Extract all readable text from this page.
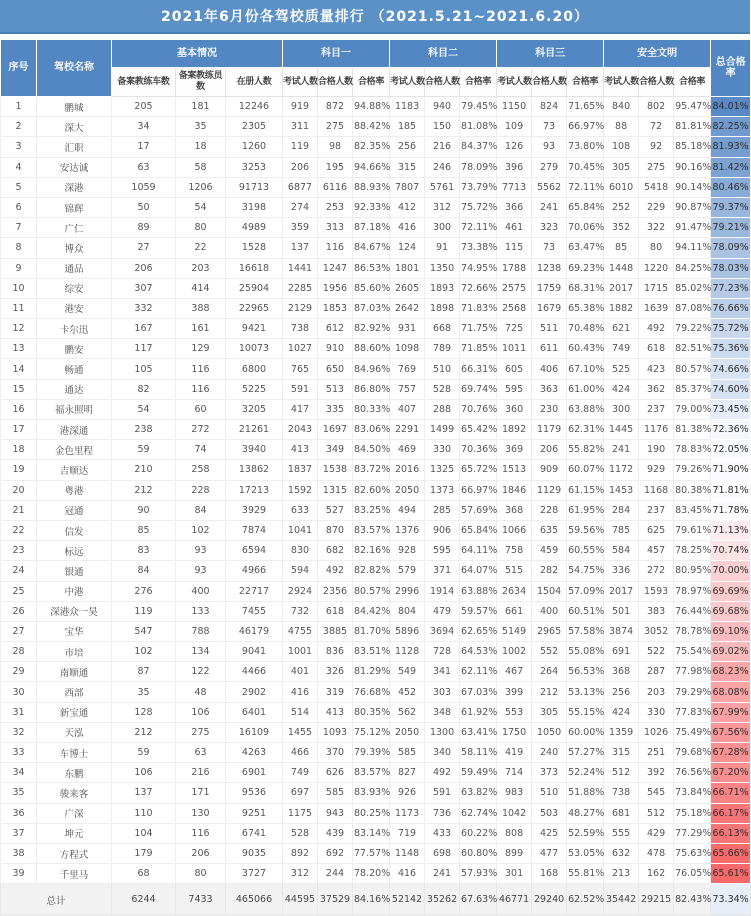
2021年6月份各驾校质量排行 （2021.5.21~2021.6.20）
序号	驾校名称	基本情况			科目一			科目二			科目三			安全文明			总合格率
		备案教练车数	备案教练员数	在册人数	考试人数	合格人数	合格率	考试人数	合格人数	合格率	考试人数	合格人数	合格率	考试人数	合格人数	合格率	
1	鹏城	205	181	12246	919	872	94.88%	1183	940	79.45%	1150	824	71.65%	840	802	95.47%	84.01%
2	深大	34	35	2305	311	275	88.42%	185	150	81.08%	109	73	66.97%	88	72	81.81%	82.25%
3	汇职	17	18	1260	119	98	82.35%	256	216	84.37%	126	93	73.80%	108	92	85.18%	81.93%
4	安达诚	63	58	3253	206	195	94.66%	315	246	78.09%	396	279	70.45%	305	275	90.16%	81.42%
5	深港	1059	1206	91713	6877	6116	88.93%	7807	5761	73.79%	7713	5562	72.11%	6010	5418	90.14%	80.46%
6	锦辉	50	54	3198	274	253	92.33%	412	312	75.72%	366	241	65.84%	252	229	90.87%	79.37%
7	广仁	89	80	4989	359	313	87.18%	416	300	72.11%	461	323	70.06%	352	322	91.47%	79.21%
8	博众	27	22	1528	137	116	84.67%	124	91	73.38%	115	73	63.47%	85	80	94.11%	78.09%
9	通品	206	203	16618	1441	1247	86.53%	1801	1350	74.95%	1788	1238	69.23%	1448	1220	84.25%	78.03%
10	综安	307	414	25904	2285	1956	85.60%	2605	1893	72.66%	2575	1759	68.31%	2017	1715	85.02%	77.23%
11	港安	332	388	22965	2129	1853	87.03%	2642	1898	71.83%	2568	1679	65.38%	1882	1639	87.08%	76.66%
12	卡尔迅	167	161	9421	738	612	82.92%	931	668	71.75%	725	511	70.48%	621	492	79.22%	75.72%
13	鹏安	117	129	10073	1027	910	88.60%	1098	789	71.85%	1011	611	60.43%	749	618	82.51%	75.36%
14	畅通	105	116	6800	765	650	84.96%	769	510	66.31%	605	406	67.10%	525	423	80.57%	74.66%
15	通达	82	116	5225	591	513	86.80%	757	528	69.74%	595	363	61.00%	424	362	85.37%	74.60%
16	福永照明	54	60	3205	417	335	80.33%	407	288	70.76%	360	230	63.88%	300	237	79.00%	73.45%
17	港深通	238	272	21261	2043	1697	83.06%	2291	1499	65.42%	1892	1179	62.31%	1445	1176	81.38%	72.36%
18	金色里程	59	74	3940	413	349	84.50%	469	330	70.36%	369	206	55.82%	241	190	78.83%	72.05%
19	吉顺达	210	258	13862	1837	1538	83.72%	2016	1325	65.72%	1513	909	60.07%	1172	929	79.26%	71.90%
20	粤港	212	228	17213	1592	1315	82.60%	2050	1373	66.97%	1846	1129	61.15%	1453	1168	80.38%	71.81%
21	冠通	90	84	3929	633	527	83.25%	494	285	57.69%	368	228	61.95%	284	237	83.45%	71.78%
22	信发	85	102	7874	1041	870	83.57%	1376	906	65.84%	1066	635	59.56%	785	625	79.61%	71.13%
23	标远	83	93	6594	830	682	82.16%	928	595	64.11%	758	459	60.55%	584	457	78.25%	70.74%
24	银通	84	93	4966	594	492	82.82%	579	371	64.07%	515	282	54.75%	336	272	80.95%	70.00%
25	中港	276	400	22717	2924	2356	80.57%	2996	1914	63.88%	2634	1504	57.09%	2017	1593	78.97%	69.69%
26	深港众一昊	119	133	7455	732	618	84.42%	804	479	59.57%	661	400	60.51%	501	383	76.44%	69.68%
27	宝华	547	788	46179	4755	3885	81.70%	5896	3694	62.65%	5149	2965	57.58%	3874	3052	78.78%	69.10%
28	市培	102	134	9041	1001	836	83.51%	1128	728	64.53%	1002	552	55.08%	691	522	75.54%	69.02%
29	南顺通	87	122	4466	401	326	81.29%	549	341	62.11%	467	264	56.53%	368	287	77.98%	68.23%
30	西部	35	48	2902	416	319	76.68%	452	303	67.03%	399	212	53.13%	256	203	79.29%	68.08%
31	新宝通	128	106	6401	514	413	80.35%	562	348	61.92%	553	305	55.15%	424	330	77.83%	67.99%
32	天泓	212	275	16109	1455	1093	75.12%	2050	1300	63.41%	1750	1050	60.00%	1359	1026	75.49%	67.56%
33	车博士	59	63	4263	466	370	79.39%	585	340	58.11%	419	240	57.27%	315	251	79.68%	67.28%
34	东鹏	106	216	6901	749	626	83.57%	827	492	59.49%	714	373	52.24%	512	392	76.56%	67.20%
35	骏来客	137	171	9536	697	585	83.93%	926	591	63.82%	983	510	51.88%	738	545	73.84%	66.71%
36	广深	110	130	9251	1175	943	80.25%	1173	736	62.74%	1042	503	48.27%	681	512	75.18%	66.17%
37	坤元	104	116	6741	528	439	83.14%	719	433	60.22%	808	425	52.59%	555	429	77.29%	66.13%
38	方程式	179	206	9035	892	692	77.57%	1148	698	60.80%	899	477	53.05%	632	478	75.63%	65.66%
39	千里马	68	80	3727	312	244	78.20%	416	241	57.93%	301	168	55.81%	213	162	76.05%	65.61%
总计		6244	7433	465066	44595	37529	84.16%	52142	35262	67.63%	46771	29240	62.52%	35442	29215	82.43%	73.34%
